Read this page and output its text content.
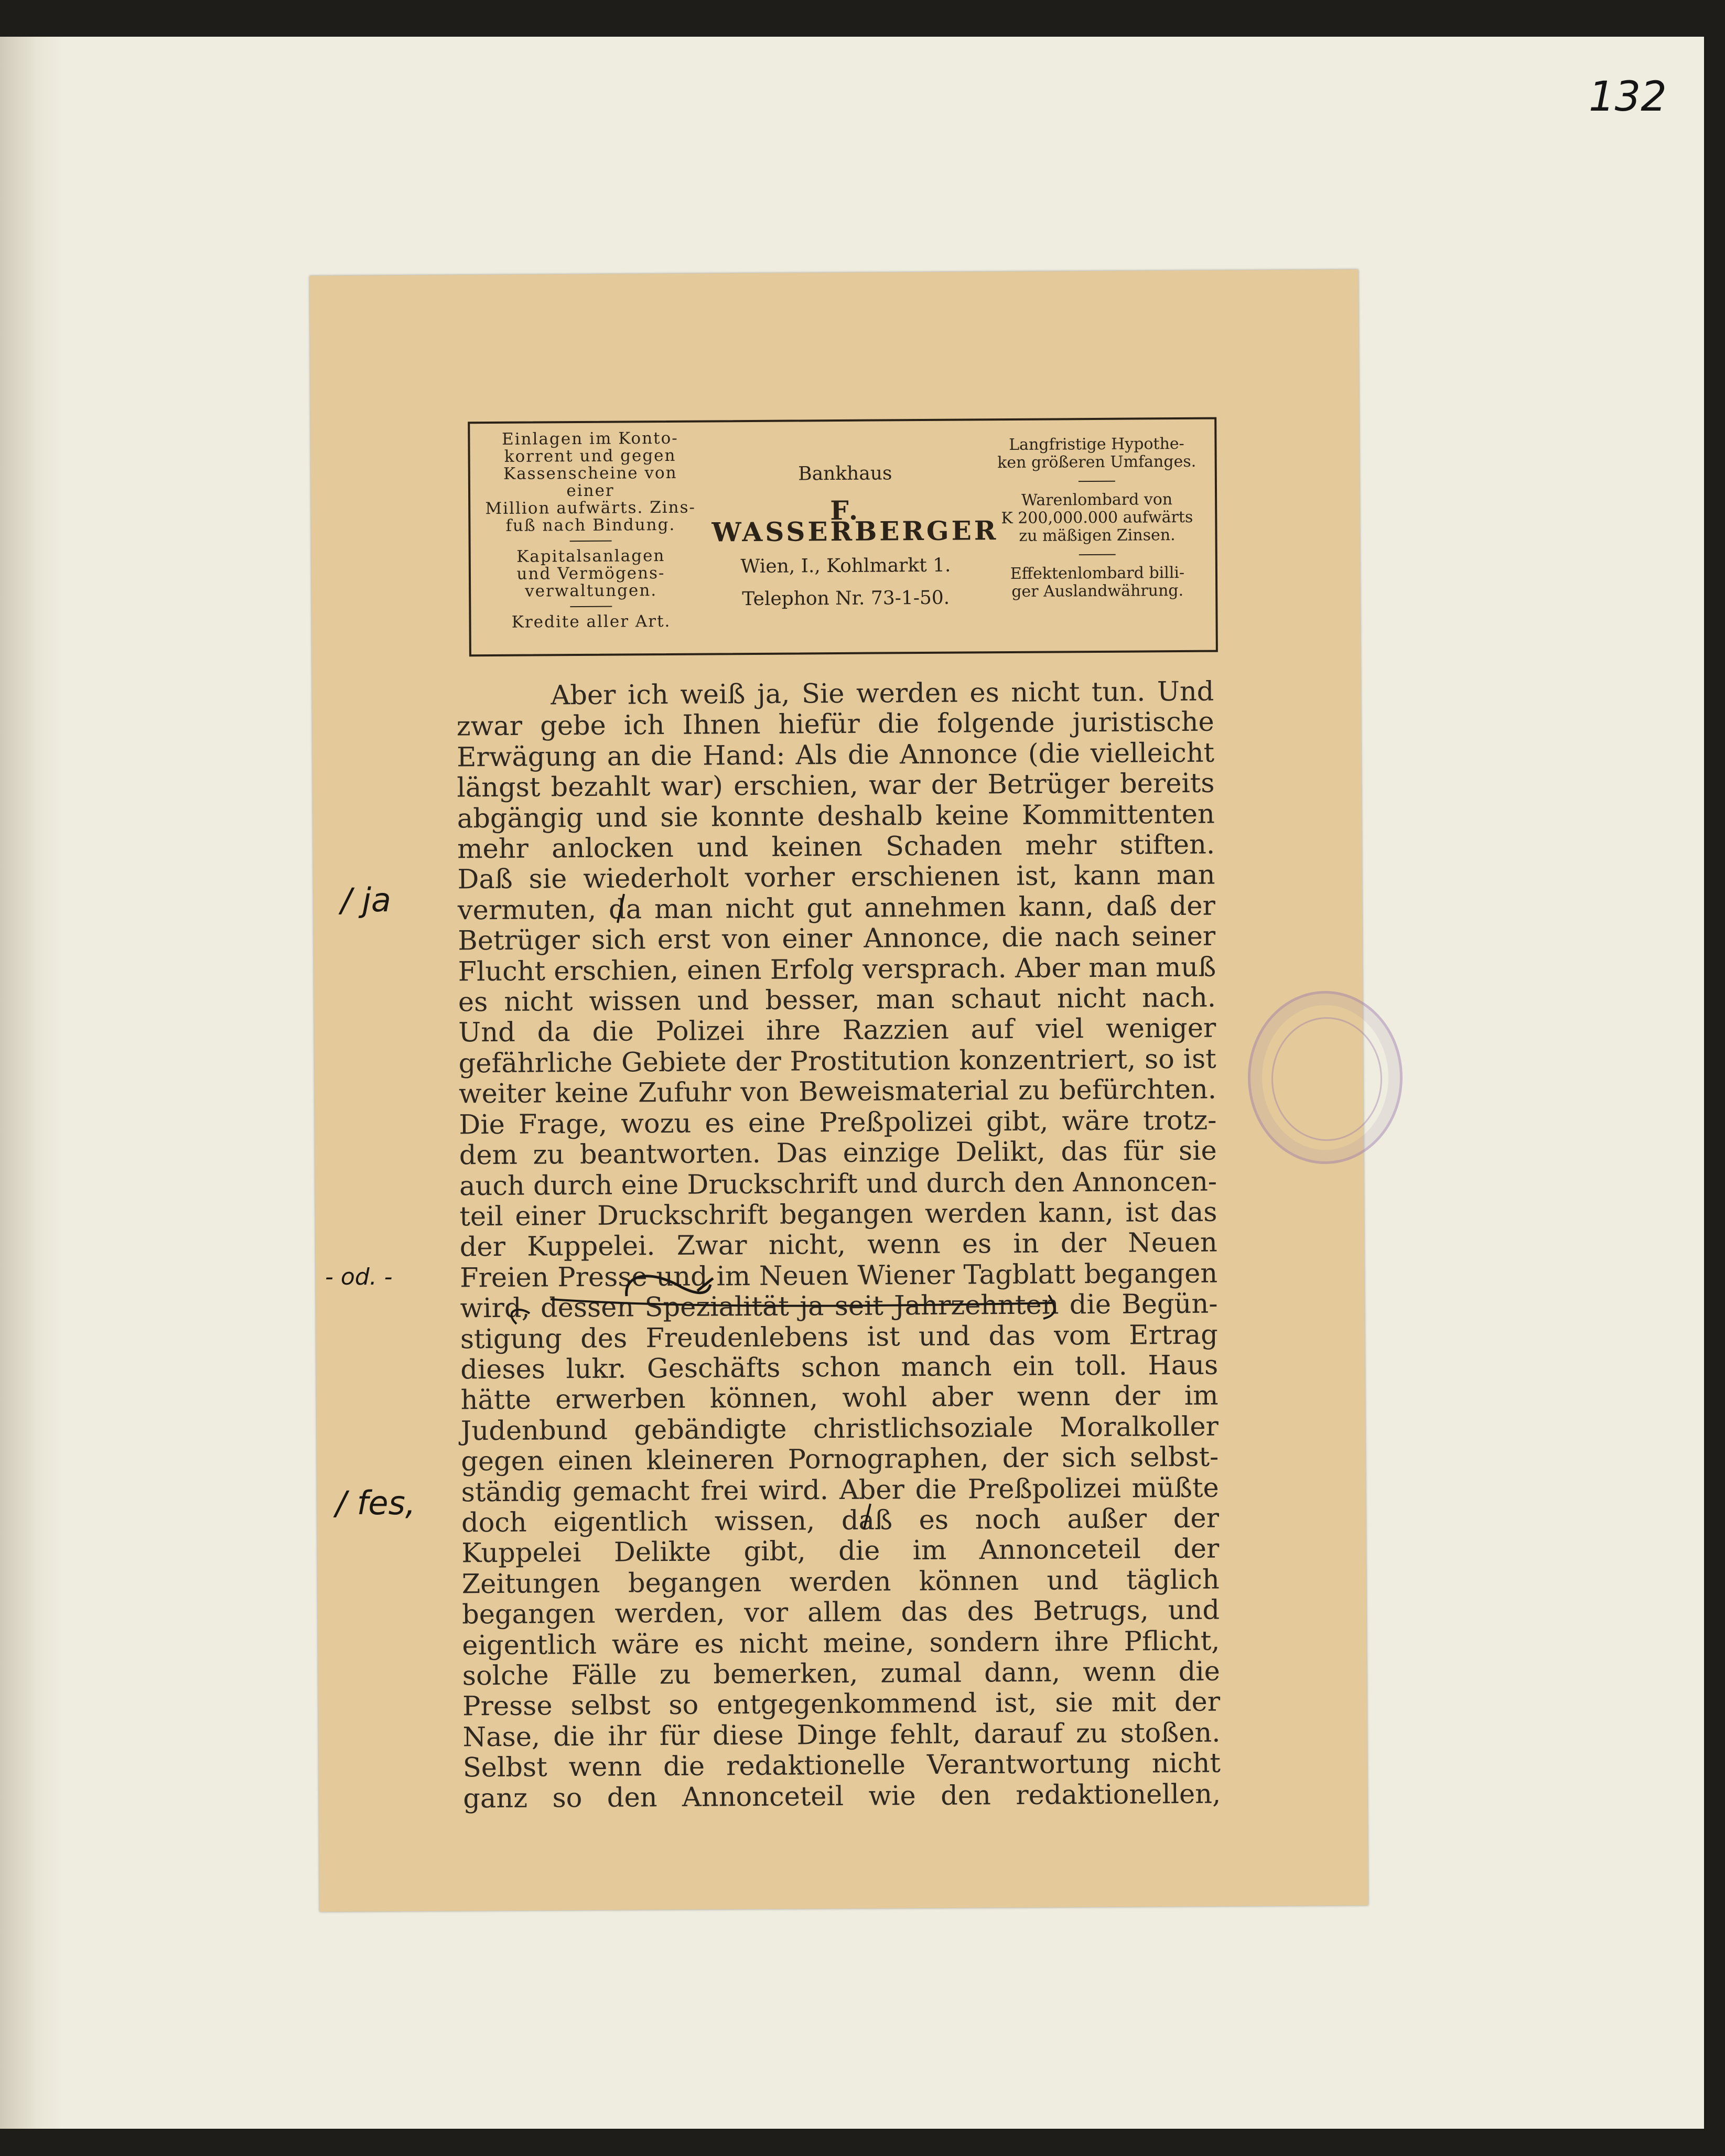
132
Einlagen im Konto-
korrent und gegen
Kassenscheine von einer
Million aufwärts. Zins-
fuß nach Bindung.
Kapitalsanlagen
und Vermögens-
verwaltungen.
Kredite aller Art.
Bankhaus
F. WASSERBERGER
Wien, I., Kohlmarkt 1.
Telephon Nr. 73-1-50.
Langfristige Hypothe-
ken größeren Umfanges.
Warenlombard von
K 200,000.000 aufwärts
zu mäßigen Zinsen.
Effektenlombard billi-
ger Auslandwährung.
Aber ich weiß ja, Sie werden es nicht tun. Und
zwar gebe ich Ihnen hiefür die folgende juristische
Erwägung an die Hand: Als die Annonce (die vielleicht
längst bezahlt war) erschien, war der Betrüger bereits
abgängig und sie konnte deshalb keine Kommittenten
mehr anlocken und keinen Schaden mehr stiften.
Daß sie wiederholt vorher erschienen ist, kann man
vermuten, da man nicht gut annehmen kann, daß der
Betrüger sich erst von einer Annonce, die nach seiner
Flucht erschien, einen Erfolg versprach. Aber man muß
es nicht wissen und besser, man schaut nicht nach.
Und da die Polizei ihre Razzien auf viel weniger
gefährliche Gebiete der Prostitution konzentriert, so ist
weiter keine Zufuhr von Beweismaterial zu befürchten.
Die Frage, wozu es eine Preßpolizei gibt, wäre trotz-
dem zu beantworten. Das einzige Delikt, das für sie
auch durch eine Druckschrift und durch den Annoncen-
teil einer Druckschrift begangen werden kann, ist das
der Kuppelei. Zwar nicht, wenn es in der Neuen
Freien Presse und im Neuen Wiener Tagblatt begangen
wird, dessen Spezialität ja seit Jahrzehnten die Begün-
stigung des Freudenlebens ist und das vom Ertrag
dieses lukr. Geschäfts schon manch ein toll. Haus
hätte erwerben können, wohl aber wenn der im
Judenbund gebändigte christlichsoziale Moralkoller
gegen einen kleineren Pornographen, der sich selbst-
ständig gemacht frei wird. Aber die Preßpolizei müßte
doch eigentlich wissen, daß es noch außer der
Kuppelei Delikte gibt, die im Annonceteil der
Zeitungen begangen werden können und täglich
begangen werden, vor allem das des Betrugs, und
eigentlich wäre es nicht meine, sondern ihre Pflicht,
solche Fälle zu bemerken, zumal dann, wenn die
Presse selbst so entgegenkommend ist, sie mit der
Nase, die ihr für diese Dinge fehlt, darauf zu stoßen.
Selbst wenn die redaktionelle Verantwortung nicht
ganz so den Annonceteil wie den redaktionellen,
/ ja
- od. -
/ fes,
